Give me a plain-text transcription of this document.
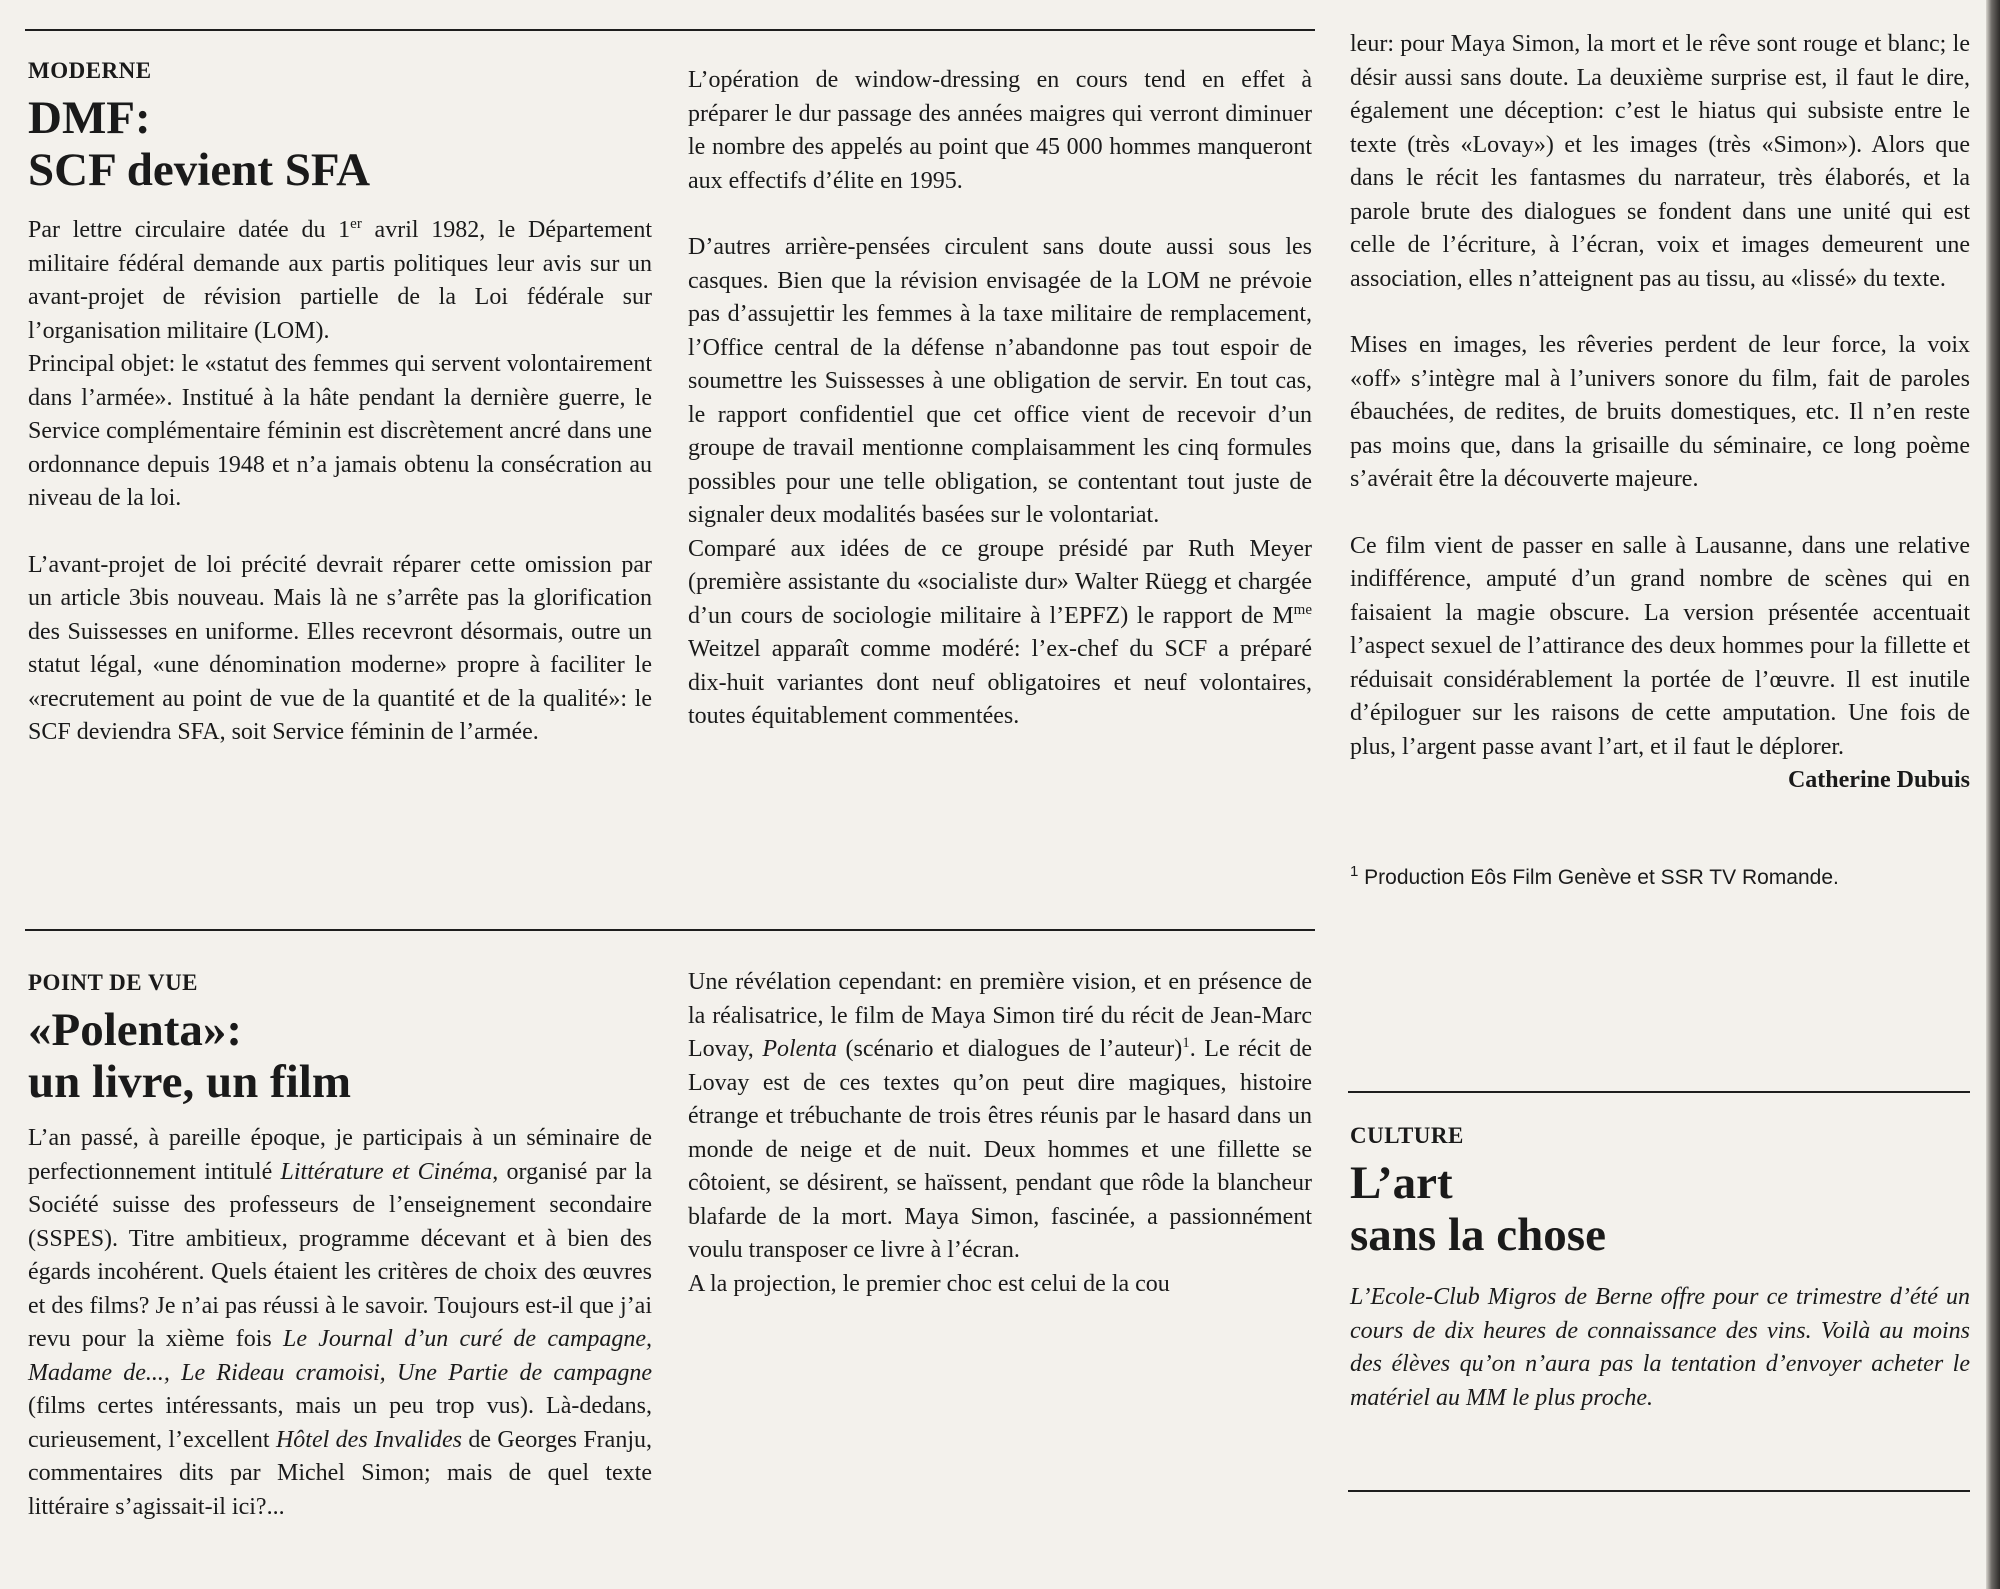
MODERNE

DMF:
SCF devient SFA

Par lettre circulaire datée du 1er avril 1982, le Département militaire fédéral demande aux partis politiques leur avis sur un avant-projet de révision partielle de la Loi fédérale sur l’organisation militaire (LOM).

Principal objet: le «statut des femmes qui servent volontairement dans l’armée». Institué à la hâte pendant la dernière guerre, le Service complémentaire féminin est discrètement ancré dans une ordonnance depuis 1948 et n’a jamais obtenu la consécration au niveau de la loi.

L’avant-projet de loi précité devrait réparer cette omission par un article 3bis nouveau. Mais là ne s’arrête pas la glorification des Suissesses en uniforme. Elles recevront désormais, outre un statut légal, «une dénomination moderne» propre à faciliter le «recrutement au point de vue de la quantité et de la qualité»: le SCF deviendra SFA, soit Service féminin de l’armée.

L’opération de window-dressing en cours tend en effet à préparer le dur passage des années maigres qui verront diminuer le nombre des appelés au point que 45 000 hommes manqueront aux effectifs d’élite en 1995.

D’autres arrière-pensées circulent sans doute aussi sous les casques. Bien que la révision envisagée de la LOM ne prévoie pas d’assujettir les femmes à la taxe militaire de remplacement, l’Office central de la défense n’abandonne pas tout espoir de soumettre les Suissesses à une obligation de servir. En tout cas, le rapport confidentiel que cet office vient de recevoir d’un groupe de travail mentionne complaisamment les cinq formules possibles pour une telle obligation, se contentant tout juste de signaler deux modalités basées sur le volontariat.

Comparé aux idées de ce groupe présidé par Ruth Meyer (première assistante du «socialiste dur» Walter Rüegg et chargée d’un cours de sociologie militaire à l’EPFZ) le rapport de $M^{me}$ Weitzel apparaît comme modéré: l’ex-chef du SCF a préparé dix-huit variantes dont neuf obligatoires et neuf volontaires, toutes équitablement commentées.

POINT DE VUE

«Polenta»:
un livre, un film

L’an passé, à pareille époque, je participais à un séminaire de perfectionnement intitulé Littérature et Cinéma, organisé par la Société suisse des professeurs de l’enseignement secondaire (SSPES). Titre ambitieux, programme décevant et à bien des égards incohérent. Quels étaient les critères de choix des œuvres et des films? Je n’ai pas réussi à le savoir. Toujours est-il que j’ai revu pour la xième fois Le Journal d’un curé de campagne, Madame de..., Le Rideau cramoisi, Une Partie de campagne (films certes intéressants, mais un peu trop vus). Là-dedans, curieusement, l’excellent Hôtel des Invalides de Georges Franju, commentaires dits par Michel Simon; mais de quel texte littéraire s’agissait-il ici?...

Une révélation cependant: en première vision, et en présence de la réalisatrice, le film de Maya Simon tiré du récit de Jean-Marc Lovay, Polenta (scénario et dialogues de l’auteur)$^1$. Le récit de Lovay est de ces textes qu’on peut dire magiques, histoire étrange et trébuchante de trois êtres réunis par le hasard dans un monde de neige et de nuit. Deux hommes et une fillette se côtoient, se désirent, se haïssent, pendant que rôde la blancheur blafarde de la mort. Maya Simon, fascinée, a passionnément voulu transposer ce livre à l’écran.

A la projection, le premier choc est celui de la cou

leur: pour Maya Simon, la mort et le rêve sont rouge et blanc; le désir aussi sans doute. La deuxième surprise est, il faut le dire, également une déception: c’est le hiatus qui subsiste entre le texte (très «Lovay») et les images (très «Simon»). Alors que dans le récit les fantasmes du narrateur, très élaborés, et la parole brute des dialogues se fondent dans une unité qui est celle de l’écriture, à l’écran, voix et images demeurent une association, elles n’atteignent pas au tissu, au «lissé» du texte.

Mises en images, les rêveries perdent de leur force, la voix «off» s’intègre mal à l’univers sonore du film, fait de paroles ébauchées, de redites, de bruits domestiques, etc. Il n’en reste pas moins que, dans la grisaille du séminaire, ce long poème s’avérait être la découverte majeure.

Ce film vient de passer en salle à Lausanne, dans une relative indifférence, amputé d’un grand nombre de scènes qui en faisaient la magie obscure. La version présentée accentuait l’aspect sexuel de l’attirance des deux hommes pour la fillette et réduisait considérablement la portée de l’œuvre. Il est inutile d’épiloguer sur les raisons de cette amputation. Une fois de plus, l’argent passe avant l’art, et il faut le déplorer.

Catherine Dubuis

$^1$ Production Eôs Film Genève et SSR TV Romande.

CULTURE

L’art
sans la chose
L’Ecole-Club Migros de Berne offre pour ce trimestre d’été un cours de dix heures de connaissance des vins. Voilà au moins des élèves qu’on n’aura pas la tentation d’envoyer acheter le matériel au MM le plus proche.
